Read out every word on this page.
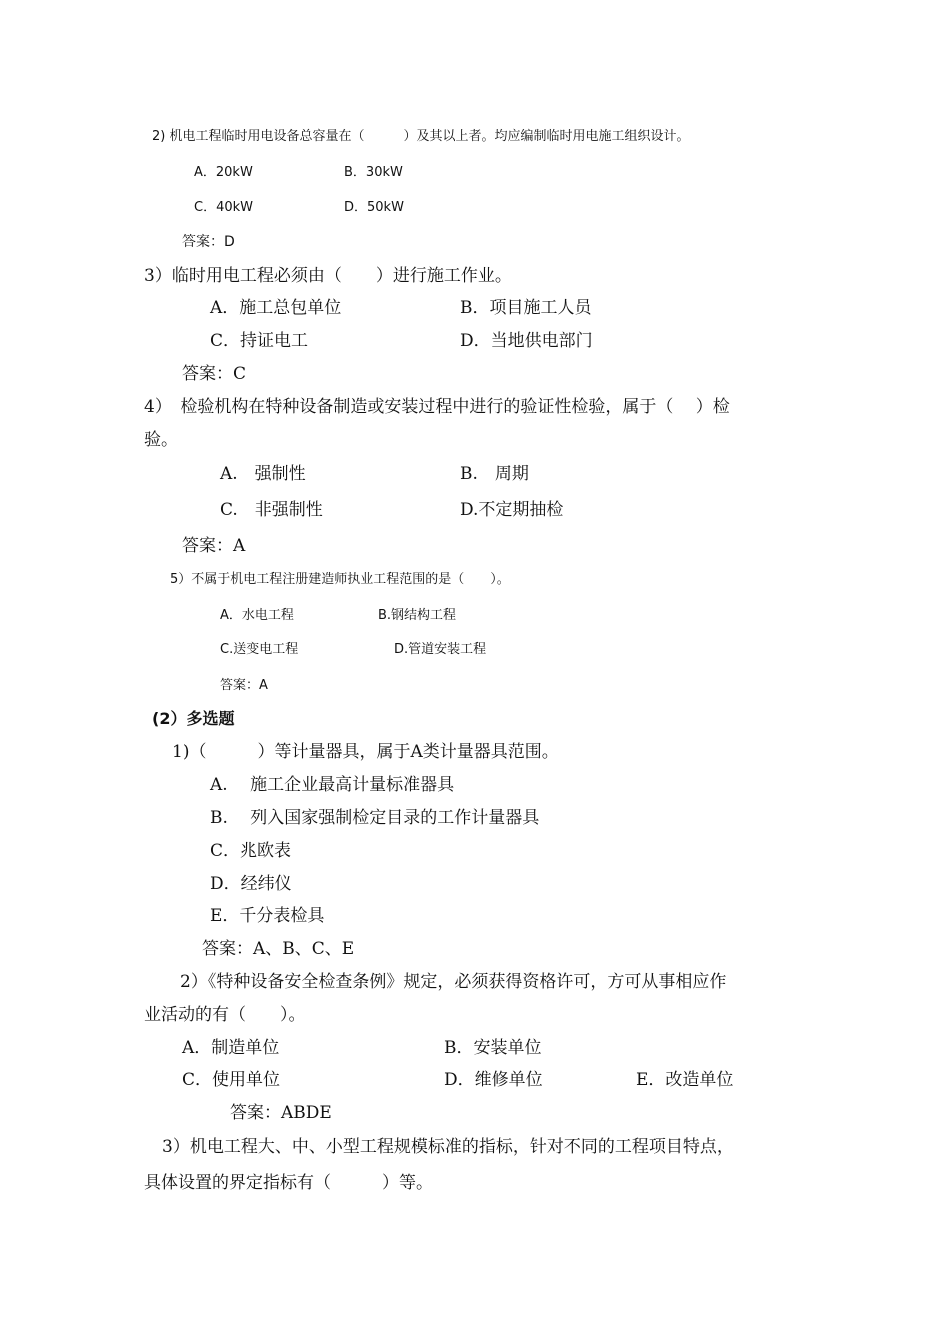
2) 机电工程临时用电设备总容量在（　　　）及其以上者。均应编制临时用电施工组织设计。
A．20kW	B．30kW
C．40kW	D．50kW
答案：D
3）临时用电工程必须由（　　）进行施工作业。
A．施工总包单位	B．项目施工人员
C．持证电工	D．当地供电部门
答案：C
4）　检验机构在特种设备制造或安装过程中进行的验证性检验，属于（　 ）检
验。
A.　强制性	B.　周期
C.　非强制性	D.不定期抽检
答案：A
5）不属于机电工程注册建造师执业工程范围的是（　　）。
A．水电工程	B.钢结构工程
C.送变电工程	D.管道安装工程
答案：A
(2）多选题
1)（　　　）等计量器具，属于A类计量器具范围。
A.　 施工企业最高计量标准器具
B.　 列入国家强制检定目录的工作计量器具
C．兆欧表
D．经纬仪
E．千分表检具
答案：A、B、C、E
2）《特种设备安全检查条例》规定，必须获得资格许可，方可从事相应作
业活动的有（　　）。
A．制造单位	B．安装单位
C．使用单位	D．维修单位	E．改造单位
答案：ABDE
3）机电工程大、中、小型工程规模标准的指标，针对不同的工程项目特点，
具体设置的界定指标有（　　　）等。
